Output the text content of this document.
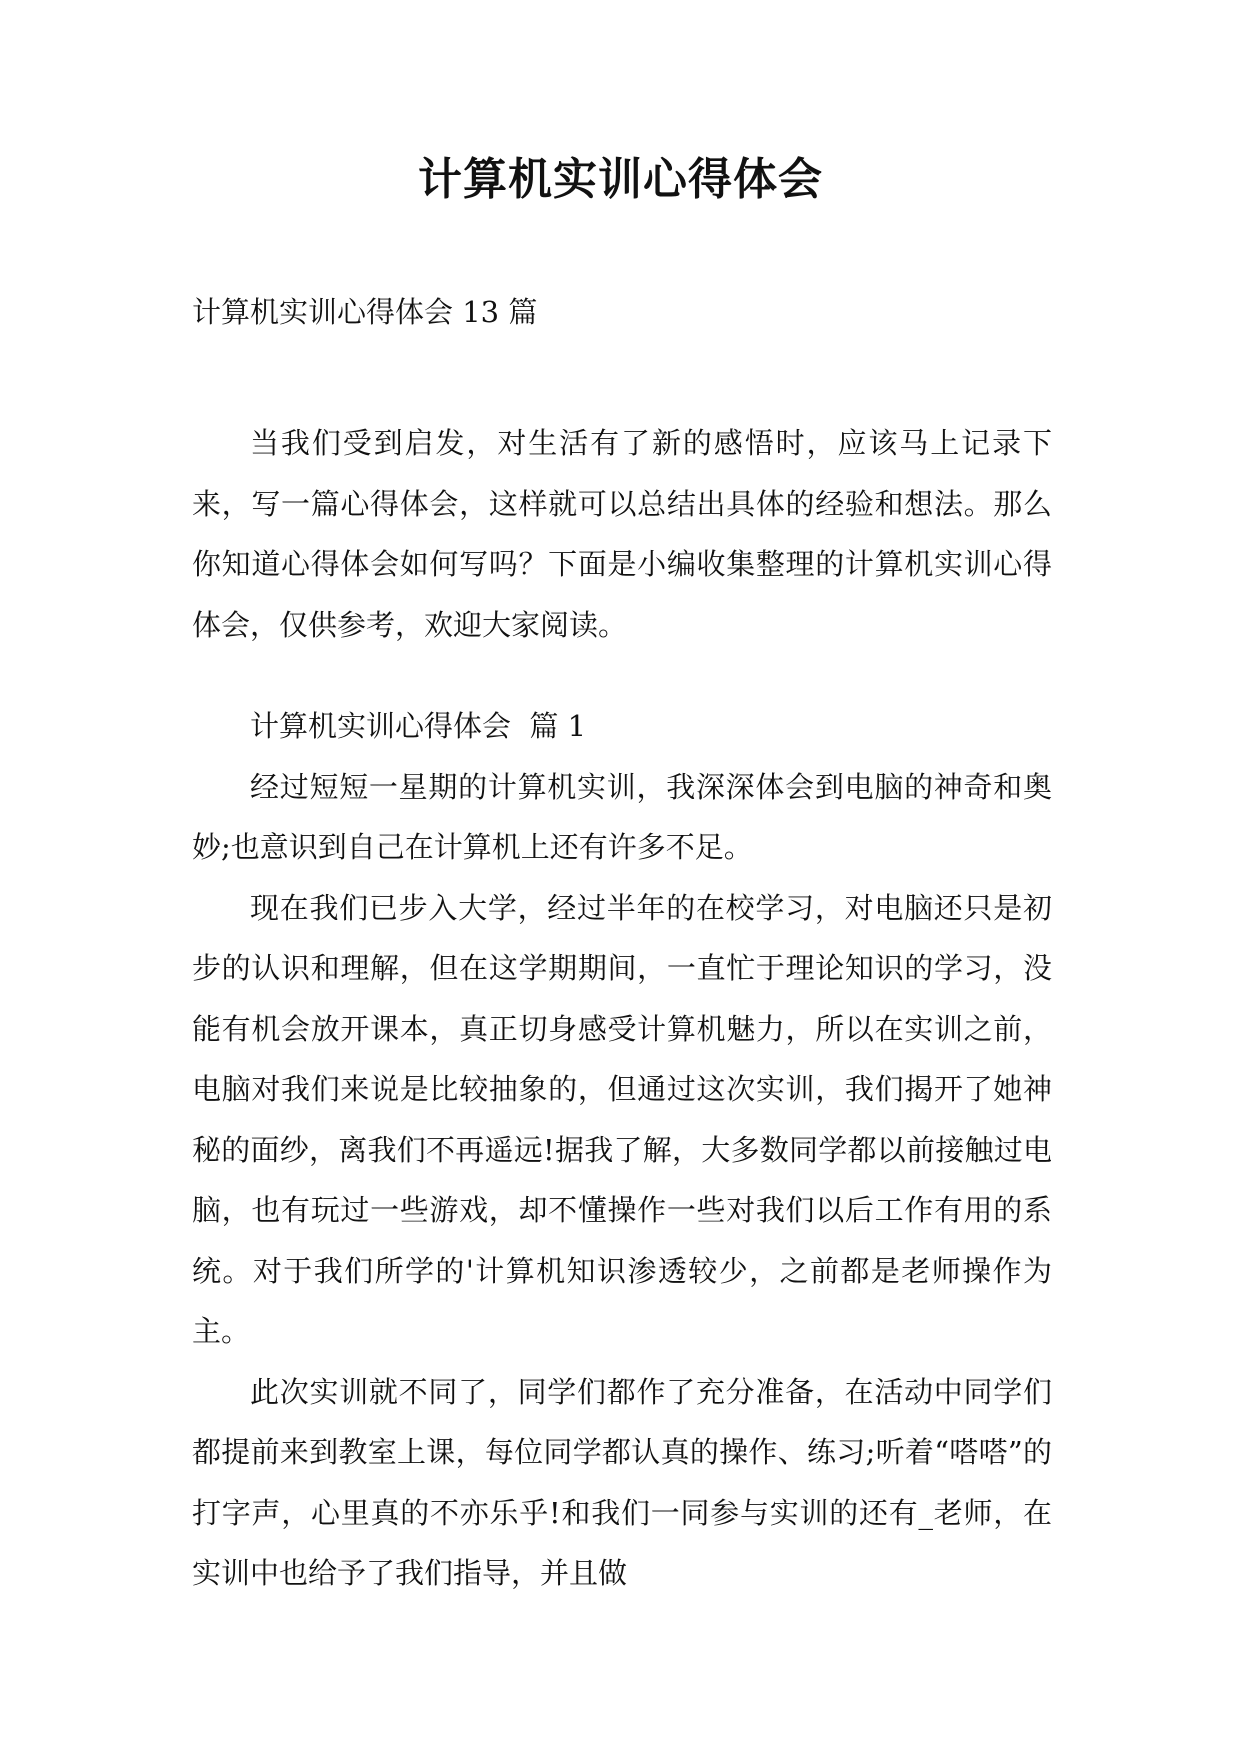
计算机实训心得体会

计算机实训心得体会 13 篇

当我们受到启发，对生活有了新的感悟时，应该马上记录下来，写一篇心得体会，这样就可以总结出具体的经验和想法。那么你知道心得体会如何写吗？下面是小编收集整理的计算机实训心得体会，仅供参考，欢迎大家阅读。

计算机实训心得体会  篇 1

经过短短一星期的计算机实训，我深深体会到电脑的神奇和奥妙;也意识到自己在计算机上还有许多不足。

现在我们已步入大学，经过半年的在校学习，对电脑还只是初步的认识和理解，但在这学期期间，一直忙于理论知识的学习，没能有机会放开课本，真正切身感受计算机魅力，所以在实训之前，电脑对我们来说是比较抽象的，但通过这次实训，我们揭开了她神秘的面纱，离我们不再遥远!据我了解，大多数同学都以前接触过电脑，也有玩过一些游戏，却不懂操作一些对我们以后工作有用的系统。对于我们所学的'计算机知识渗透较少，之前都是老师操作为主。

此次实训就不同了，同学们都作了充分准备，在活动中同学们都提前来到教室上课，每位同学都认真的操作、练习;听着“嗒嗒”的打字声，心里真的不亦乐乎!和我们一同参与实训的还有_老师，在实训中也给予了我们指导，并且做
